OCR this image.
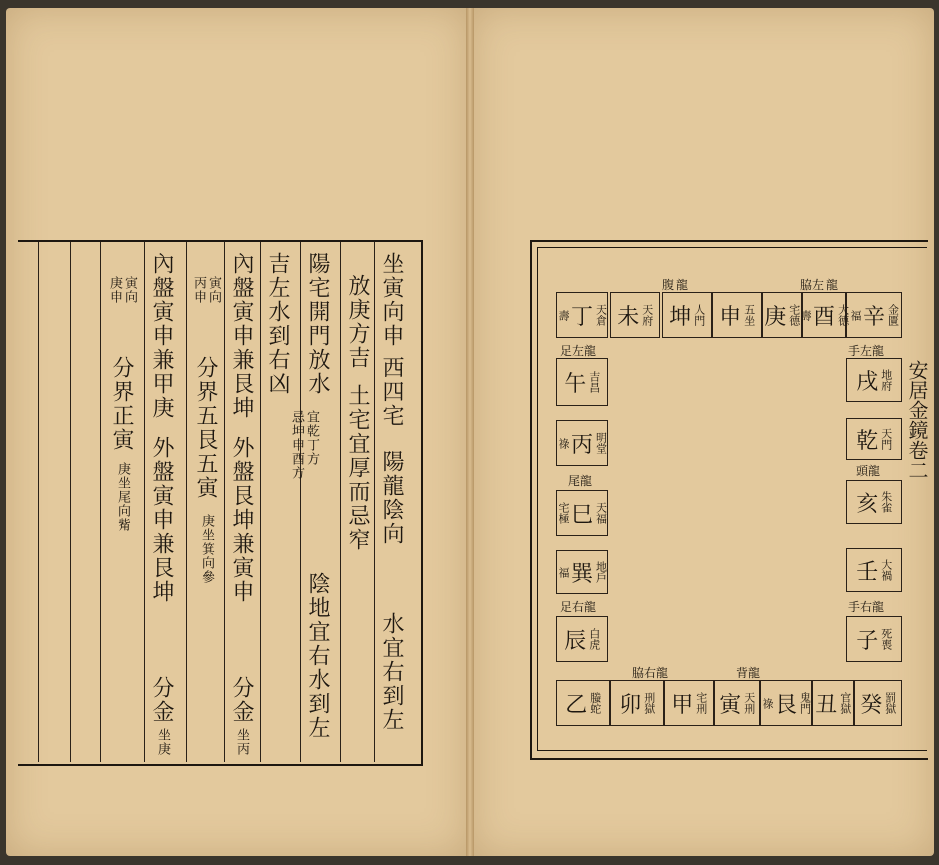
坐寅向申
西四宅
陽龍陰向
水宜右到左
放庚方吉
土宅宜厚而忌窄
陽宅開門放水
宜乾丁方
忌坤申酉方
陰地宜右水到左
吉左水到右凶
內盤寅申兼艮坤
外盤艮坤兼寅申
分金
坐丙
寅向
丙申
分界五艮五寅
庚坐箕向參
內盤寅申兼甲庚
外盤寅申兼艮坤
分金
坐庚
寅向
庚申
分界正寅
庚坐尾向觜
安居金鏡卷二
腹 龍	脇 左 龍
壽 丁 天倉 未 天府 坤 人門 申 五坐 庚 宅德
壽 酉 大德 福 辛 金匱
足左龍
午 吉昌
祿 丙 明堂
尾龍
宅極 巳 天福
福 巽 地戶
足右龍
辰 白虎
手左龍
戌 地府
乾 天門
頭龍
亥 朱雀
壬 大禍
手右龍
子 死喪
脇右龍	背龍
乙 螣蛇 卯 刑獄 甲 宅刑 寅 天刑 祿 艮 鬼門 丑 官獄 癸 罰獄
